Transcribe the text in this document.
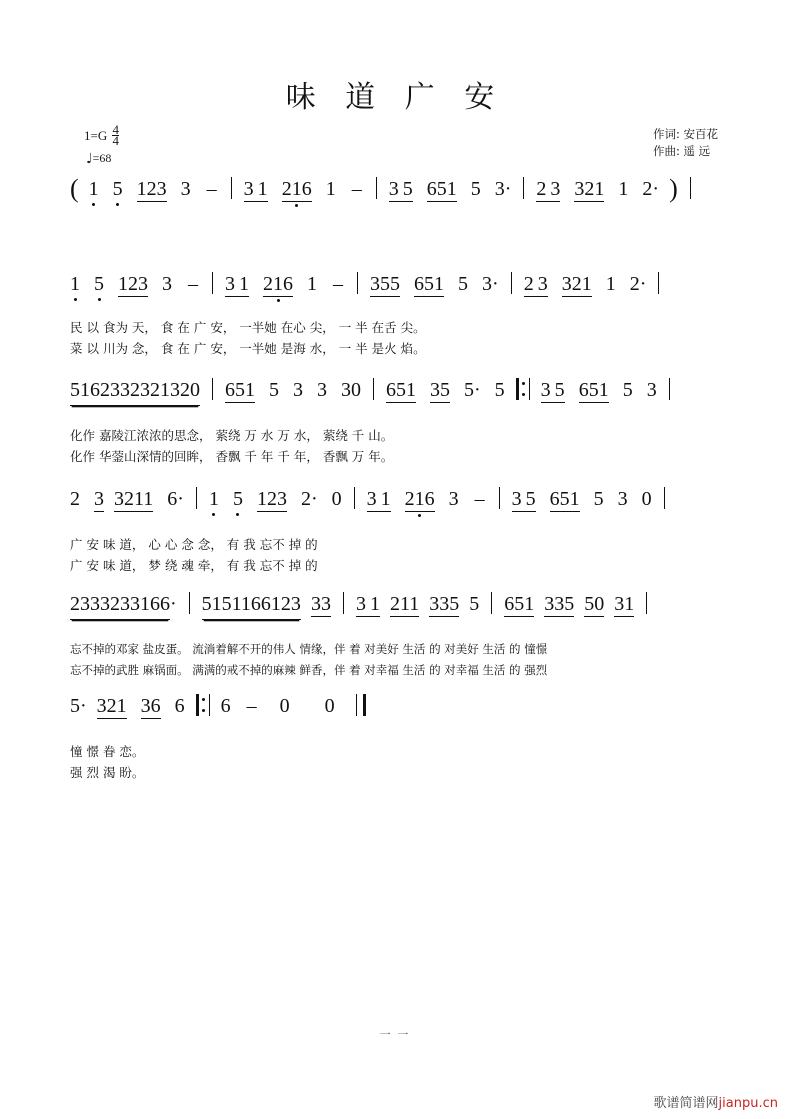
味 道 广 安
$1=G \frac{4}{4}$
♩=68
作词: 安百花
作曲: 遥 远
( 1 5 123 3 – 3 1 216 1 – 3 5 651 5 3· 2 3 321 1 2· )
1 5 123 3 – 3 1 216 1 – 355 651 5 3· 2 3 321 1 2·
民 以 食为 天， 食 在 广 安， 一半她 在心 尖， 一 半 在舌 尖。
菜 以 川为 念， 食 在 广 安， 一半她 是海 水， 一 半 是火 焰。
5162332321320 651 5 3 3 30 651 35 5· 5 3 5 651 5 3
化作 嘉陵江浓浓的思念， 萦绕 万 水 万 水， 萦绕 千 山。
化作 华蓥山深情的回眸， 香飘 千 年 千 年， 香飘 万 年。
2 3 3211 6· 1 5 123 2· 0 3 1 216 3 – 3 5 651 5 3 0
广 安 味 道， 心 心 念 念， 有 我 忘不 掉 的
广 安 味 道， 梦 绕 魂 牵， 有 我 忘不 掉 的
2333233166· 5151166123 33 3 1 211 335 5 651 335 50 31
忘不掉的邓家 盐皮蛋。 流淌着解不开的伟人 情缘，伴 着 对美好 生活 的 对美好 生活 的 憧憬
忘不掉的武胜 麻锅面。 满满的戒不掉的麻辣 鲜香，伴 着 对幸福 生活 的 对幸福 生活 的 强烈
5· 321 36 6 6 – 0 0
憧 憬 眷 恋。
强 烈 渴 盼。
一 一
歌谱简谱网jianpu.cn
